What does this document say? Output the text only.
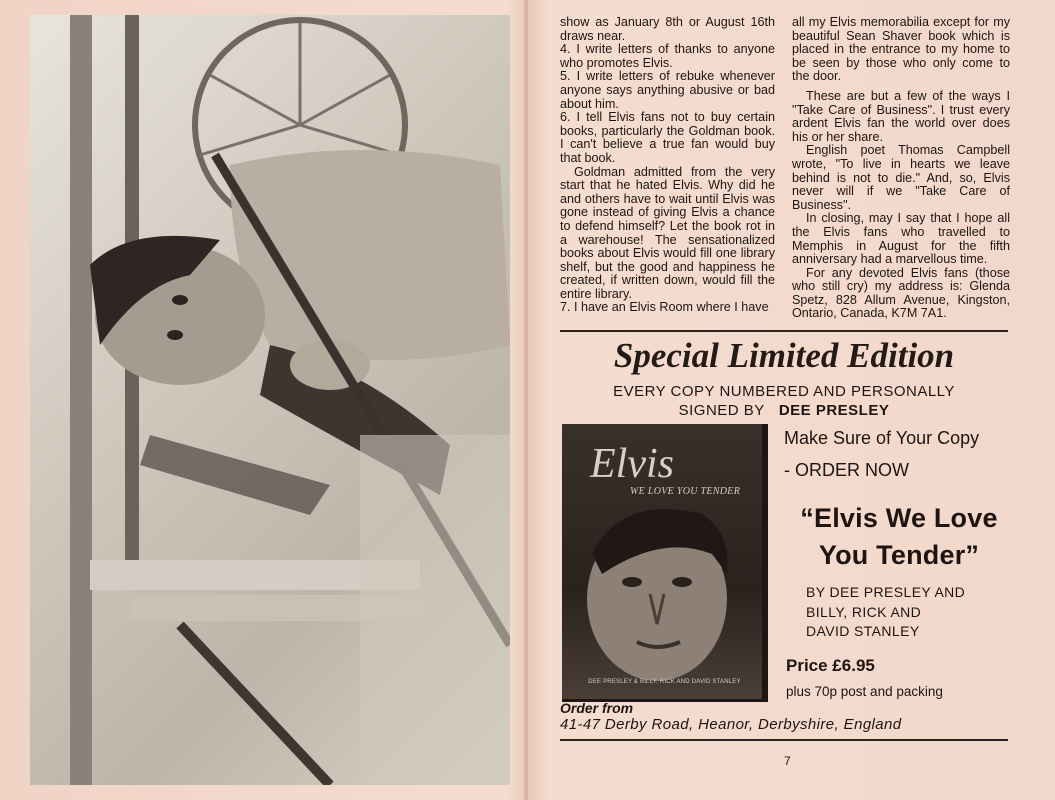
show as January 8th or August 16th draws near.

4. I write letters of thanks to anyone who promotes Elvis.

5. I write letters of rebuke whenever anyone says anything abusive or bad about him.

6. I tell Elvis fans not to buy certain books, particularly the Goldman book. I can't believe a true fan would buy that book.

Goldman admitted from the very start that he hated Elvis. Why did he and others have to wait until Elvis was gone instead of giving Elvis a chance to defend himself? Let the book rot in a warehouse! The sensationalized books about Elvis would fill one library shelf, but the good and happiness he created, if written down, would fill the entire library.

7. I have an Elvis Room where I have

all my Elvis memorabilia except for my beautiful Sean Shaver book which is placed in the entrance to my home to be seen by those who only come to the door.

These are but a few of the ways I "Take Care of Business". I trust every ardent Elvis fan the world over does his or her share.

English poet Thomas Campbell wrote, "To live in hearts we leave behind is not to die." And, so, Elvis never will if we "Take Care of Business".

In closing, may I say that I hope all the Elvis fans who travelled to Memphis in August for the fifth anniversary had a marvellous time.

For any devoted Elvis fans (those who still cry) my address is: Glenda Spetz, 828 Allum Avenue, Kingston, Ontario, Canada, K7M 7A1.

Special Limited Edition
EVERY COPY NUMBERED AND PERSONALLY
SIGNED BY DEE PRESLEY
Elvis
WE LOVE YOU TENDER
DEE PRESLEY & BILLY, RICK AND DAVID STANLEY
Make Sure of Your Copy
- ORDER NOW
“Elvis We Love
You Tender”
BY DEE PRESLEY AND
BILLY, RICK AND
DAVID STANLEY
Price £6.95
plus 70p post and packing
Order from
41-47 Derby Road, Heanor, Derbyshire, England
7
